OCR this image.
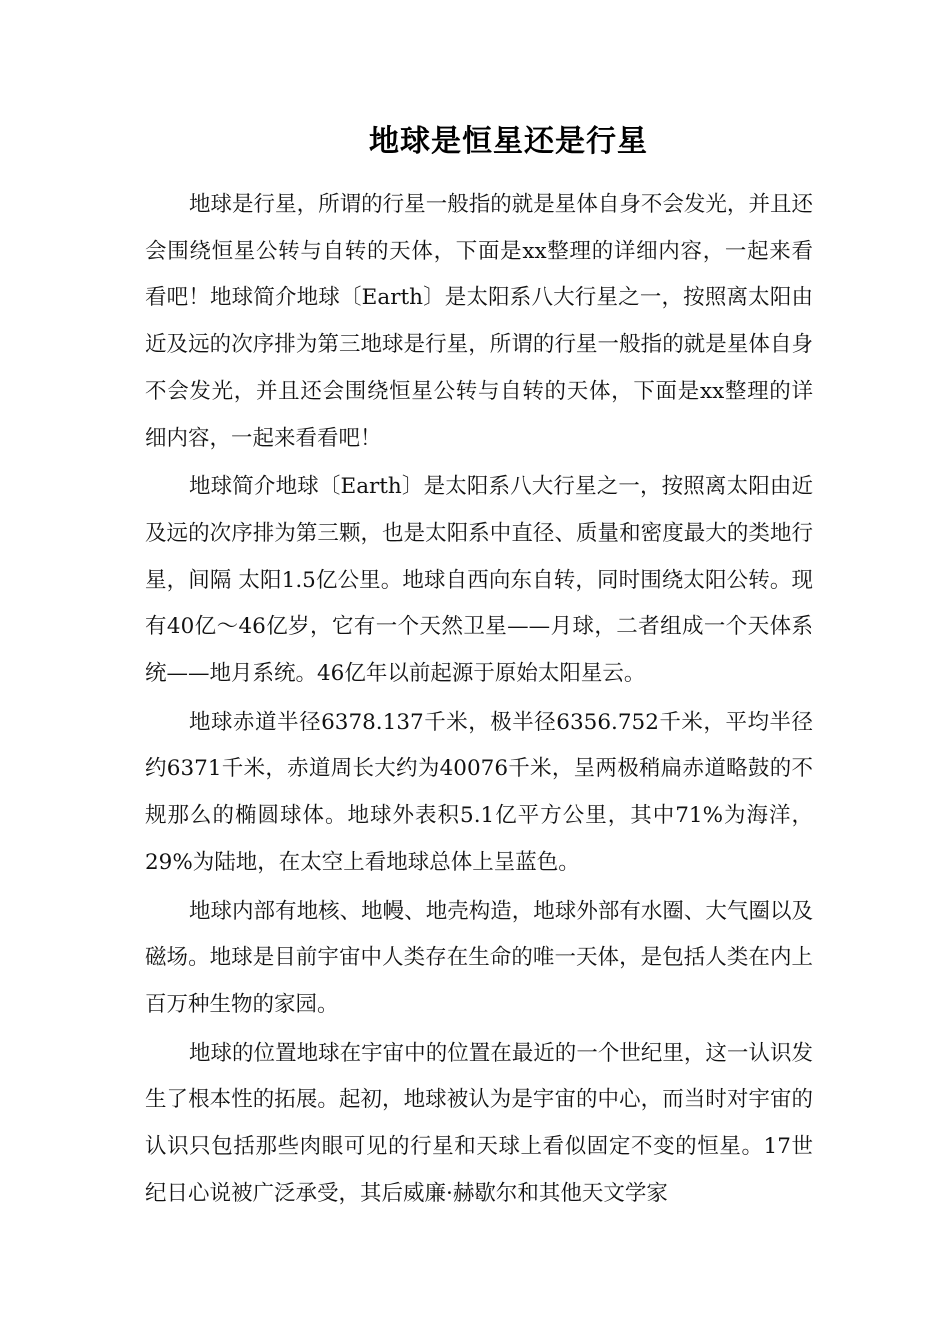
地球是恒星还是行星

地球是行星，所谓的行星一般指的就是星体自身不会发光，并且还会围绕恒星公转与自转的天体，下面是xx整理的详细内容，一起来看看吧！地球简介地球〔Earth〕是太阳系八大行星之一，按照离太阳由近及远的次序排为第三地球是行星，所谓的行星一般指的就是星体自身不会发光，并且还会围绕恒星公转与自转的天体，下面是xx整理的详细内容，一起来看看吧！

地球简介地球〔Earth〕是太阳系八大行星之一，按照离太阳由近及远的次序排为第三颗，也是太阳系中直径、质量和密度最大的类地行星，间隔 太阳1.5亿公里。地球自西向东自转，同时围绕太阳公转。现有40亿～46亿岁，它有一个天然卫星——月球，二者组成一个天体系统——地月系统。46亿年以前起源于原始太阳星云。

地球赤道半径6378.137千米，极半径6356.752千米，平均半径约6371千米，赤道周长大约为40076千米，呈两极稍扁赤道略鼓的不规那么的椭圆球体。地球外表积5.1亿平方公里，其中71%为海洋，29%为陆地，在太空上看地球总体上呈蓝色。

地球内部有地核、地幔、地壳构造，地球外部有水圈、大气圈以及磁场。地球是目前宇宙中人类存在生命的唯一天体，是包括人类在内上百万种生物的家园。

地球的位置地球在宇宙中的位置在最近的一个世纪里，这一认识发生了根本性的拓展。起初，地球被认为是宇宙的中心，而当时对宇宙的认识只包括那些肉眼可见的行星和天球上看似固定不变的恒星。17世纪日心说被广泛承受，其后威廉·赫歇尔和其他天文学家
